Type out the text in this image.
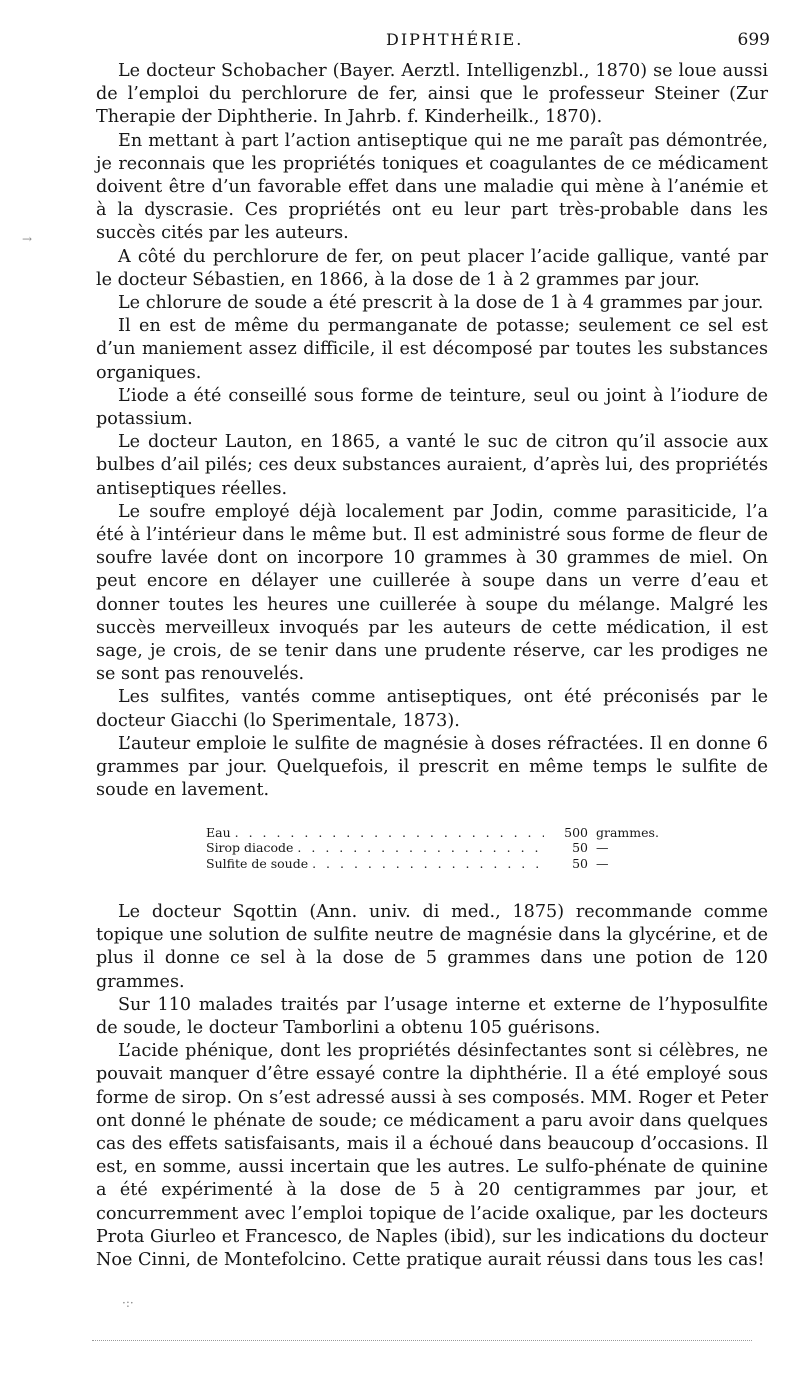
DIPHTHÉRIE.	699

Le docteur Schobacher (Bayer. Aerztl. Intelligenzbl., 1870) se loue aussi de l’emploi du perchlorure de fer, ainsi que le professeur Steiner (Zur Therapie der Diphtherie. In Jahrb. f. Kinderheilk., 1870).

En mettant à part l’action antiseptique qui ne me paraît pas démontrée, je reconnais que les propriétés toniques et coagulantes de ce médicament doivent être d’un favorable effet dans une maladie qui mène à l’anémie et à la dyscrasie. Ces propriétés ont eu leur part très-probable dans les succès cités par les auteurs.

A côté du perchlorure de fer, on peut placer l’acide gallique, vanté par le docteur Sébastien, en 1866, à la dose de 1 à 2 grammes par jour.

Le chlorure de soude a été prescrit à la dose de 1 à 4 grammes par jour.

Il en est de même du permanganate de potasse; seulement ce sel est d’un maniement assez difficile, il est décomposé par toutes les substances organiques.

L’iode a été conseillé sous forme de teinture, seul ou joint à l’iodure de potassium.

Le docteur Lauton, en 1865, a vanté le suc de citron qu’il associe aux bulbes d’ail pilés; ces deux substances auraient, d’après lui, des propriétés antiseptiques réelles.

Le soufre employé déjà localement par Jodin, comme parasiticide, l’a été à l’intérieur dans le même but. Il est administré sous forme de fleur de soufre lavée dont on incorpore 10 grammes à 30 grammes de miel. On peut encore en délayer une cuillerée à soupe dans un verre d’eau et donner toutes les heures une cuillerée à soupe du mélange. Malgré les succès merveilleux invoqués par les auteurs de cette médication, il est sage, je crois, de se tenir dans une prudente réserve, car les prodiges ne se sont pas renouvelés.

Les sulfites, vantés comme antiseptiques, ont été préconisés par le docteur Giacchi (lo Sperimentale, 1873).

L’auteur emploie le sulfite de magnésie à doses réfractées. Il en donne 6 grammes par jour. Quelquefois, il prescrit en même temps le sulfite de soude en lavement.

Eau . . .	500 grammes.
Sirop diacode . . .	50 —
Sulfite de soude . . .	50 —

Le docteur Sqottin (Ann. univ. di med., 1875) recommande comme topique une solution de sulfite neutre de magnésie dans la glycérine, et de plus il donne ce sel à la dose de 5 grammes dans une potion de 120 grammes.

Sur 110 malades traités par l’usage interne et externe de l’hyposulfite de soude, le docteur Tamborlini a obtenu 105 guérisons.

L’acide phénique, dont les propriétés désinfectantes sont si célèbres, ne pouvait manquer d’être essayé contre la diphthérie. Il a été employé sous forme de sirop. On s’est adressé aussi à ses composés. MM. Roger et Peter ont donné le phénate de soude; ce médicament a paru avoir dans quelques cas des effets satisfaisants, mais il a échoué dans beaucoup d’occasions. Il est, en somme, aussi incertain que les autres. Le sulfo-phénate de quinine a été expérimenté à la dose de 5 à 20 centigrammes par jour, et concurremment avec l’emploi topique de l’acide oxalique, par les docteurs Prota Giurleo et Francesco, de Naples (ibid), sur les indications du docteur Noe Cinni, de Montefolcino. Cette pratique aurait réussi dans tous les cas!

→
·:·
